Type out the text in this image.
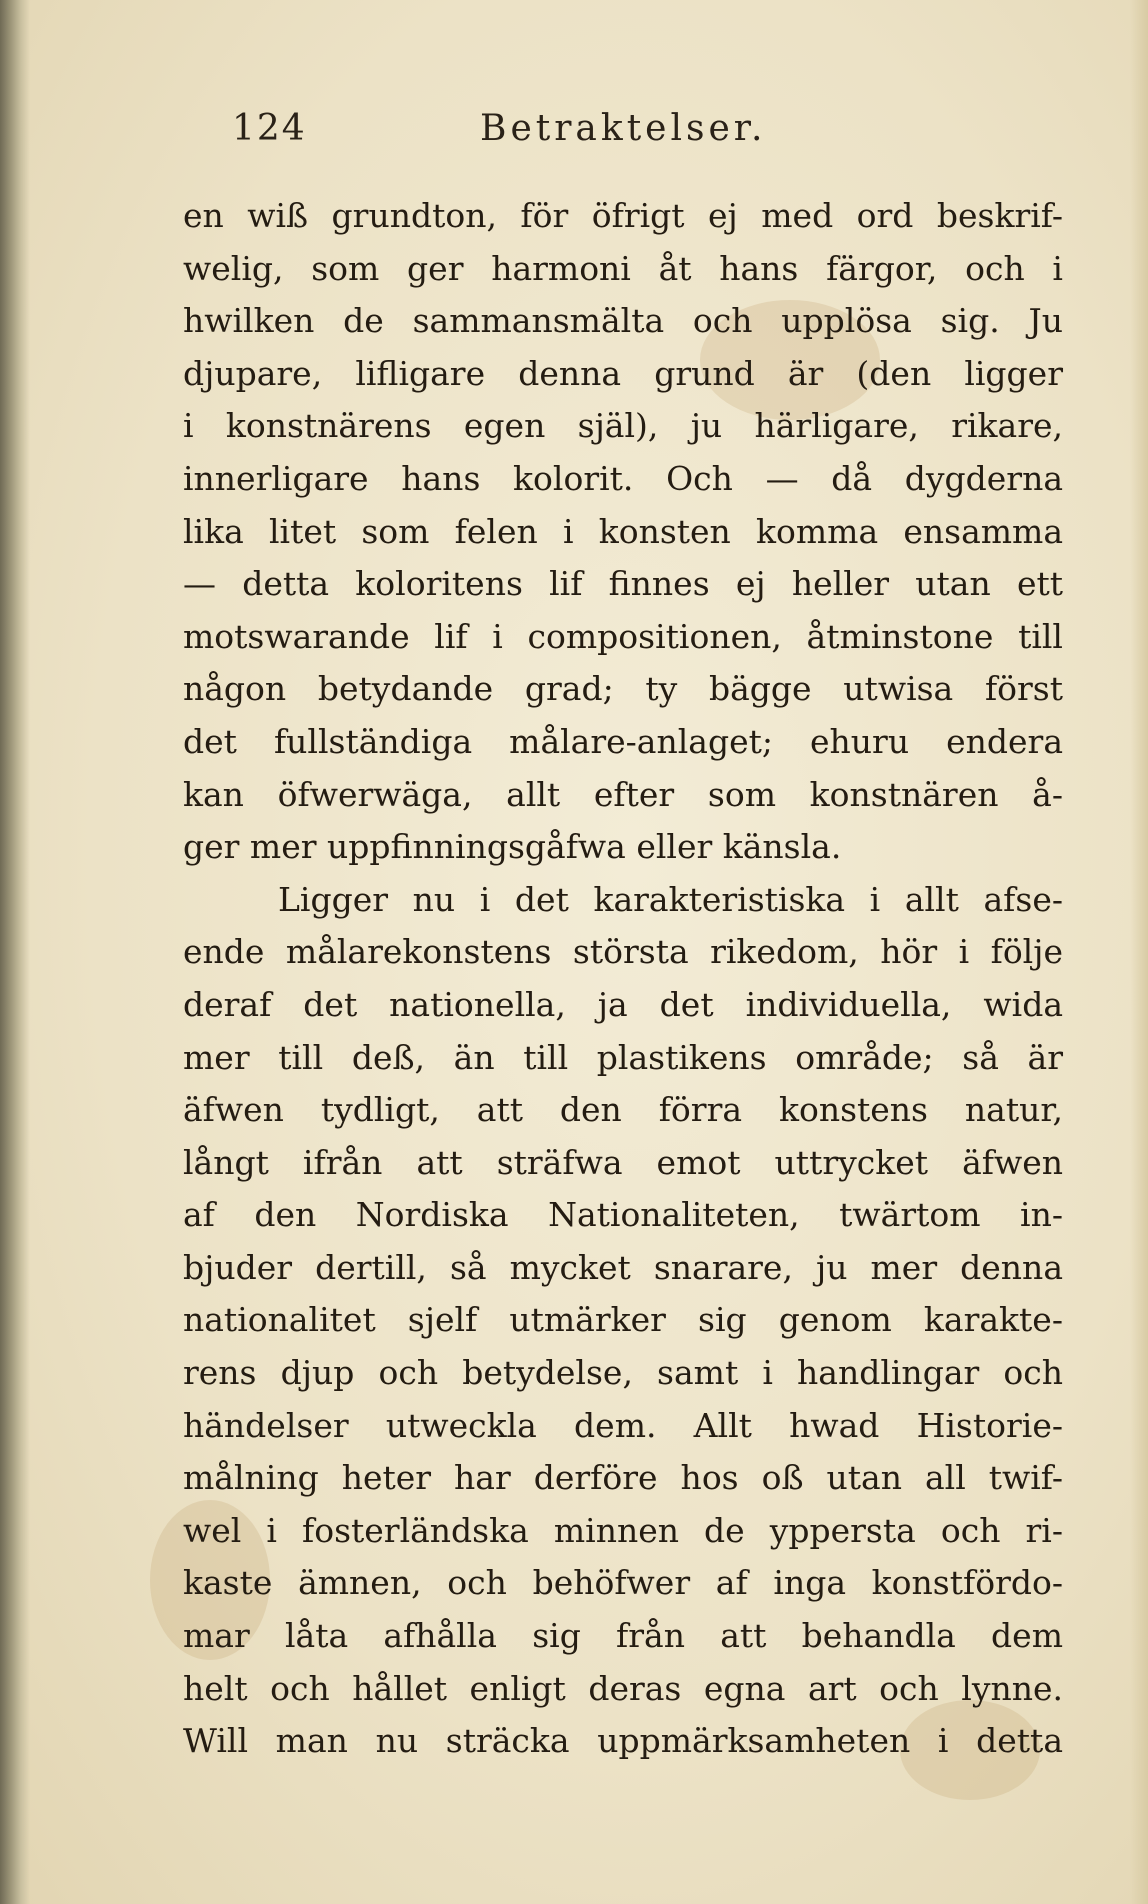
124	Betraktelser.
en wiß grundton, för öfrigt ej med ord beskrif-
welig, som ger harmoni åt hans färgor, och i
hwilken de sammansmälta och upplösa sig. Ju
djupare, lifligare denna grund är (den ligger
i konstnärens egen själ), ju härligare, rikare,
innerligare hans kolorit. Och — då dygderna
lika litet som felen i konsten komma ensamma
— detta koloritens lif finnes ej heller utan ett
motswarande lif i compositionen, åtminstone till
någon betydande grad; ty bägge utwisa först
det fullständiga målare-anlaget; ehuru endera
kan öfwerwäga, allt efter som konstnären å-
ger mer uppfinningsgåfwa eller känsla.
Ligger nu i det karakteristiska i allt afse-
ende målarekonstens största rikedom, hör i följe
deraf det nationella, ja det individuella, wida
mer till deß, än till plastikens område; så är
äfwen tydligt, att den förra konstens natur,
långt ifrån att sträfwa emot uttrycket äfwen
af den Nordiska Nationaliteten, twärtom in-
bjuder dertill, så mycket snarare, ju mer denna
nationalitet sjelf utmärker sig genom karakte-
rens djup och betydelse, samt i handlingar och
händelser utweckla dem. Allt hwad Historie-
målning heter har derföre hos oß utan all twif-
wel i fosterländska minnen de yppersta och ri-
kaste ämnen, och behöfwer af inga konstfördo-
mar låta afhålla sig från att behandla dem
helt och hållet enligt deras egna art och lynne.
Will man nu sträcka uppmärksamheten i detta
